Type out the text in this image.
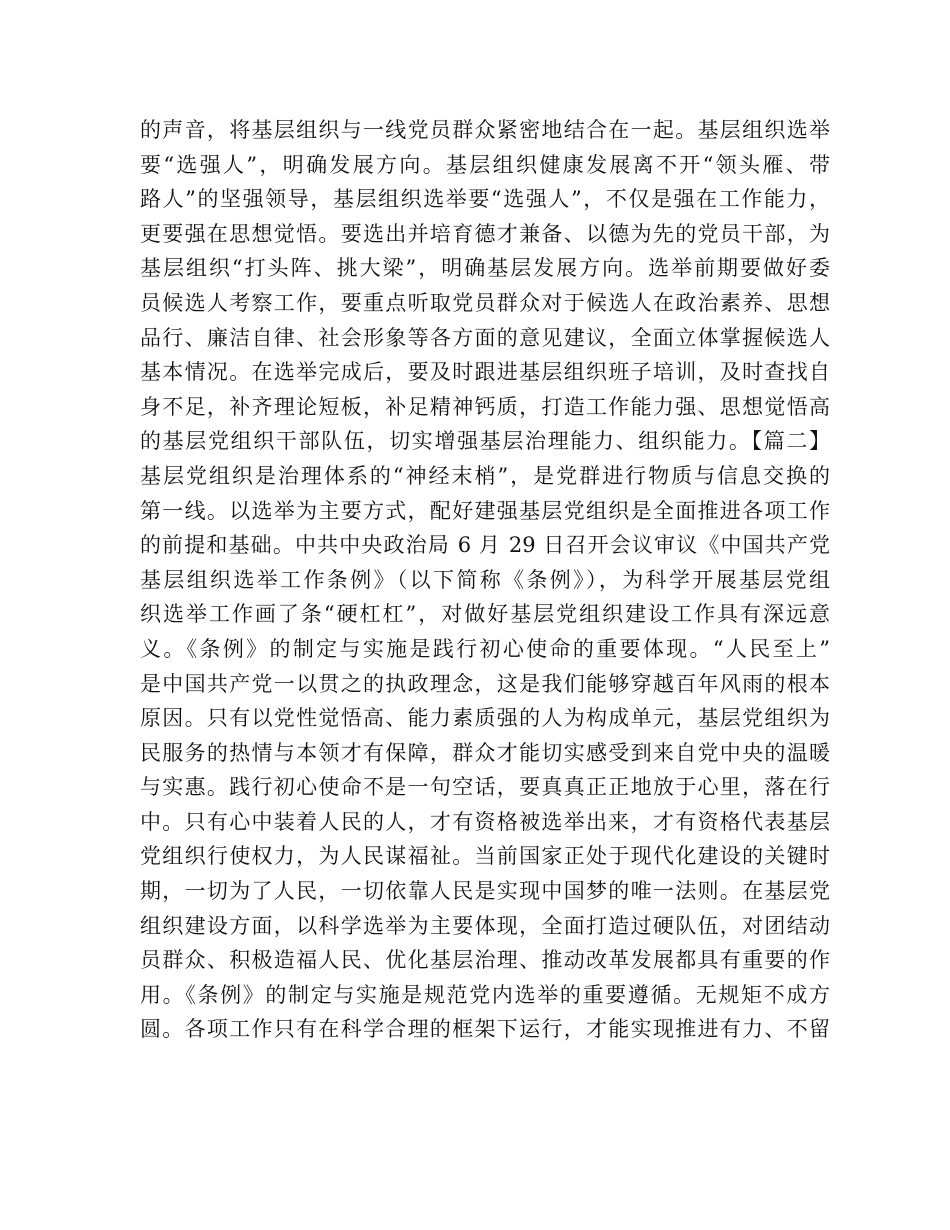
的声音，将基层组织与一线党员群众紧密地结合在一起。基层组织选举
要“选强人”，明确发展方向。基层组织健康发展离不开“领头雁、带
路人”的坚强领导，基层组织选举要“选强人”，不仅是强在工作能力，
更要强在思想觉悟。要选出并培育德才兼备、以德为先的党员干部，为
基层组织“打头阵、挑大梁”，明确基层发展方向。选举前期要做好委
员候选人考察工作，要重点听取党员群众对于候选人在政治素养、思想
品行、廉洁自律、社会形象等各方面的意见建议，全面立体掌握候选人
基本情况。在选举完成后，要及时跟进基层组织班子培训，及时查找自
身不足，补齐理论短板，补足精神钙质，打造工作能力强、思想觉悟高
的基层党组织干部队伍，切实增强基层治理能力、组织能力。【篇二】
基层党组织是治理体系的“神经末梢”，是党群进行物质与信息交换的
第一线。以选举为主要方式，配好建强基层党组织是全面推进各项工作
的前提和基础。中共中央政治局 6 月 29 日召开会议审议《中国共产党
基层组织选举工作条例》（以下简称《条例》），为科学开展基层党组
织选举工作画了条“硬杠杠”，对做好基层党组织建设工作具有深远意
义。《条例》的制定与实施是践行初心使命的重要体现。“人民至上”
是中国共产党一以贯之的执政理念，这是我们能够穿越百年风雨的根本
原因。只有以党性觉悟高、能力素质强的人为构成单元，基层党组织为
民服务的热情与本领才有保障，群众才能切实感受到来自党中央的温暖
与实惠。践行初心使命不是一句空话，要真真正正地放于心里，落在行
中。只有心中装着人民的人，才有资格被选举出来，才有资格代表基层
党组织行使权力，为人民谋福祉。当前国家正处于现代化建设的关键时
期，一切为了人民，一切依靠人民是实现中国梦的唯一法则。在基层党
组织建设方面，以科学选举为主要体现，全面打造过硬队伍，对团结动
员群众、积极造福人民、优化基层治理、推动改革发展都具有重要的作
用。《条例》的制定与实施是规范党内选举的重要遵循。无规矩不成方
圆。各项工作只有在科学合理的框架下运行，才能实现推进有力、不留
